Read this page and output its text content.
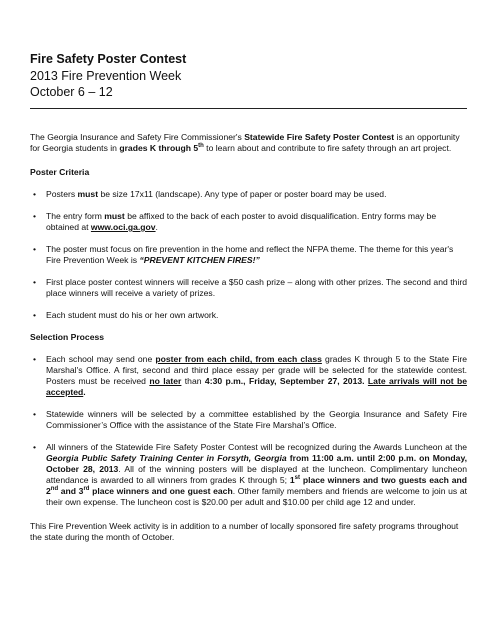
Fire Safety Poster Contest
2013 Fire Prevention Week
October 6 – 12

The Georgia Insurance and Safety Fire Commissioner's Statewide Fire Safety Poster Contest is an opportunity for Georgia students in grades K through 5th to learn about and contribute to fire safety through an art project.

Poster Criteria

• Posters must be size 17x11 (landscape). Any type of paper or poster board may be used.
• The entry form must be affixed to the back of each poster to avoid disqualification. Entry forms may be obtained at www.oci.ga.gov.
• The poster must focus on fire prevention in the home and reflect the NFPA theme. The theme for this year's Fire Prevention Week is “PREVENT KITCHEN FIRES!”
• First place poster contest winners will receive a $50 cash prize – along with other prizes. The second and third place winners will receive a variety of prizes.
• Each student must do his or her own artwork.

Selection Process

• Each school may send one poster from each child, from each class grades K through 5 to the State Fire Marshal's Office. A first, second and third place essay per grade will be selected for the statewide contest. Posters must be received no later than 4:30 p.m., Friday, September 27, 2013. Late arrivals will not be accepted.
• Statewide winners will be selected by a committee established by the Georgia Insurance and Safety Fire Commissioner’s Office with the assistance of the State Fire Marshal’s Office.
• All winners of the Statewide Fire Safety Poster Contest will be recognized during the Awards Luncheon at the Georgia Public Safety Training Center in Forsyth, Georgia from 11:00 a.m. until 2:00 p.m. on Monday, October 28, 2013. All of the winning posters will be displayed at the luncheon. Complimentary luncheon attendance is awarded to all winners from grades K through 5; 1st place winners and two guests each and 2nd and 3rd place winners and one guest each. Other family members and friends are welcome to join us at their own expense. The luncheon cost is $20.00 per adult and $10.00 per child age 12 and under.

This Fire Prevention Week activity is in addition to a number of locally sponsored fire safety programs throughout the state during the month of October.
